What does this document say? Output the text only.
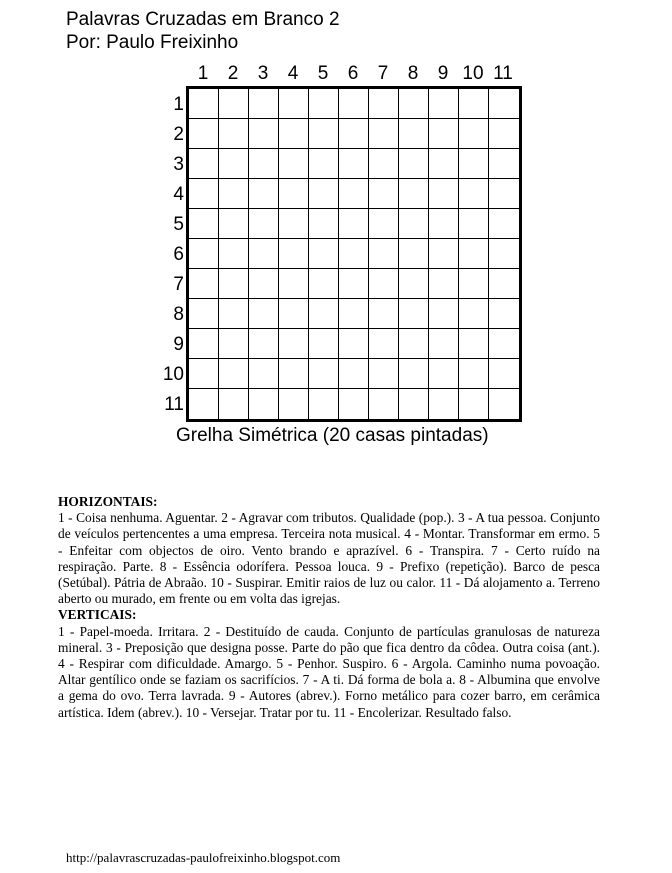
Palavras Cruzadas em Branco 2
Por: Paulo Freixinho
1	2	3	4	5	6	7	8	9 10 11
1
2
3
4
5
6
7
8
9
10
11
Grelha Simétrica (20 casas pintadas)
HORIZONTAIS:

1 - Coisa nenhuma. Aguentar. 2 - Agravar com tributos. Qualidade (pop.). 3 - A tua pessoa. Conjunto de veículos pertencentes a uma empresa. Terceira nota musical. 4 - Montar. Transformar em ermo. 5 - Enfeitar com objectos de oiro. Vento brando e aprazível. 6 - Transpira. 7 - Certo ruído na respiração. Parte. 8 - Essência odorífera. Pessoa louca. 9 - Prefixo (repetição). Barco de pesca (Setúbal). Pátria de Abraão. 10 - Suspirar. Emitir raios de luz ou calor. 11 - Dá alojamento a. Terreno aberto ou murado, em frente ou em volta das igrejas.

VERTICAIS:

1 - Papel-moeda. Irritara. 2 - Destituído de cauda. Conjunto de partículas granulosas de natureza mineral. 3 - Preposição que designa posse. Parte do pão que fica dentro da côdea. Outra coisa (ant.). 4 - Respirar com dificuldade. Amargo. 5 - Penhor. Suspiro. 6 - Argola. Caminho numa povoação. Altar gentílico onde se faziam os sacrifícios. 7 - A ti. Dá forma de bola a. 8 - Albumina que envolve a gema do ovo. Terra lavrada. 9 - Autores (abrev.). Forno metálico para cozer barro, em cerâmica artística. Idem (abrev.). 10 - Versejar. Tratar por tu. 11 - Encolerizar. Resultado falso.

http://palavrascruzadas-paulofreixinho.blogspot.com
